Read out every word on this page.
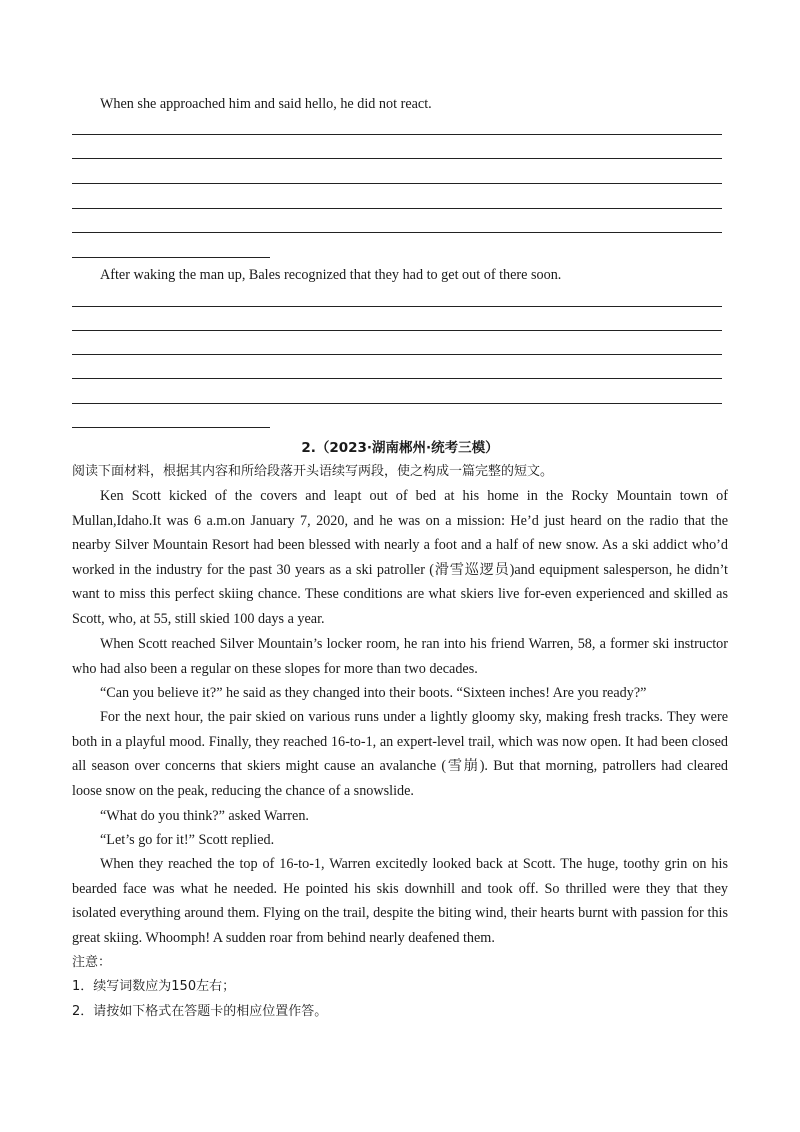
When she approached him and said hello, he did not react.

After waking the man up, Bales recognized that they had to get out of there soon.

2.（2023·湖南郴州·统考三模）

阅读下面材料，根据其内容和所给段落开头语续写两段，使之构成一篇完整的短文。

Ken Scott kicked of the covers and leapt out of bed at his home in the Rocky Mountain town of Mullan,Idaho.It was 6 a.m.on January 7, 2020, and he was on a mission: He’d just heard on the radio that the nearby Silver Mountain Resort had been blessed with nearly a foot and a half of new snow. As a ski addict who’d worked in the industry for the past 30 years as a ski patroller (滑雪巡逻员)and equipment salesperson, he didn’t want to miss this perfect skiing chance. These conditions are what skiers live for-even experienced and skilled as Scott, who, at 55, still skied 100 days a year.

When Scott reached Silver Mountain’s locker room, he ran into his friend Warren, 58, a former ski instructor who had also been a regular on these slopes for more than two decades.

“Can you believe it?” he said as they changed into their boots. “Sixteen inches! Are you ready?”

For the next hour, the pair skied on various runs under a lightly gloomy sky, making fresh tracks. They were both in a playful mood. Finally, they reached 16-to-1, an expert-level trail, which was now open. It had been closed all season over concerns that skiers might cause an avalanche (雪崩). But that morning, patrollers had cleared loose snow on the peak, reducing the chance of a snowslide.

“What do you think?” asked Warren.

“Let’s go for it!” Scott replied.

When they reached the top of 16-to-1, Warren excitedly looked back at Scott. The huge, toothy grin on his bearded face was what he needed. He pointed his skis downhill and took off. So thrilled were they that they isolated everything around them. Flying on the trail, despite the biting wind, their hearts burnt with passion for this great skiing. Whoomph! A sudden roar from behind nearly deafened them.

注意：

1．续写词数应为150左右；

2．请按如下格式在答题卡的相应位置作答。
